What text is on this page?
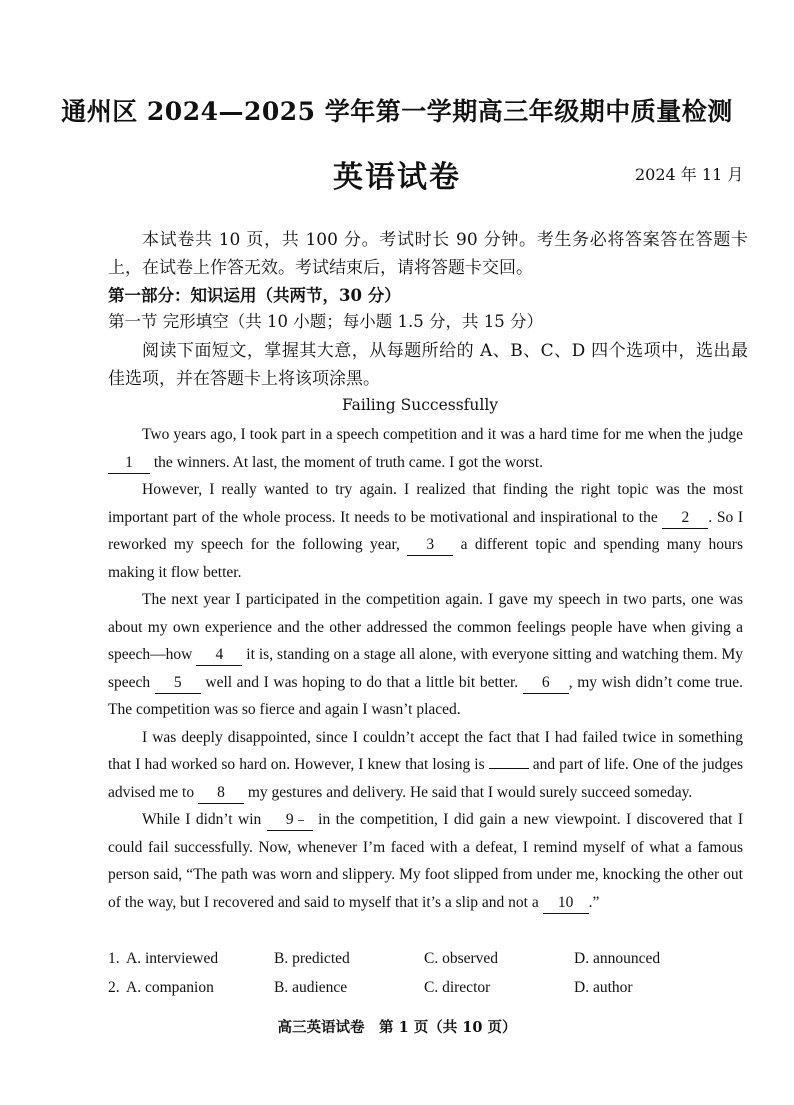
通州区 2024—2025 学年第一学期高三年级期中质量检测
英语试卷	2024 年 11 月
本试卷共 10 页，共 100 分。考试时长 90 分钟。考生务必将答案答在答题卡上，在试卷上作答无效。考试结束后，请将答题卡交回。
第一部分：知识运用（共两节，30 分）
第一节 完形填空（共 10 小题；每小题 1.5 分，共 15 分）
阅读下面短文，掌握其大意，从每题所给的 A、B、C、D 四个选项中，选出最佳选项，并在答题卡上将该项涂黑。
Failing Successfully

Two years ago, I took part in a speech competition and it was a hard time for me when the judge 1 the winners. At last, the moment of truth came. I got the worst.

However, I really wanted to try again. I realized that finding the right topic was the most important part of the whole process. It needs to be motivational and inspirational to the 2 . So I reworked my speech for the following year, 3 a different topic and spending many hours making it flow better.

The next year I participated in the competition again. I gave my speech in two parts, one was about my own experience and the other addressed the common feelings people have when giving a speech—how 4 it is, standing on a stage all alone, with everyone sitting and watching them. My speech 5 well and I was hoping to do that a little bit better. 6 , my wish didn’t come true. The competition was so fierce and again I wasn’t placed.

I was deeply disappointed, since I couldn’t accept the fact that I had failed twice in something that I had worked so hard on. However, I knew that losing is	and part of life. One of the judges advised me to 8 my gestures and delivery. He said that I would surely succeed someday.

While I didn’t win 9 in the competition, I did gain a new viewpoint. I discovered that I could fail successfully. Now, whenever I’m faced with a defeat, I remind myself of what a famous person said, “The path was worn and slippery. My foot slipped from under me, knocking the other out of the way, but I recovered and said to myself that it’s a slip and not a 10 .”

1. A. interviewed	B. predicted	C. observed	D. announced
2. A. companion	B. audience	C. director	D. author
高三英语试卷　第 1 页（共 10 页）
